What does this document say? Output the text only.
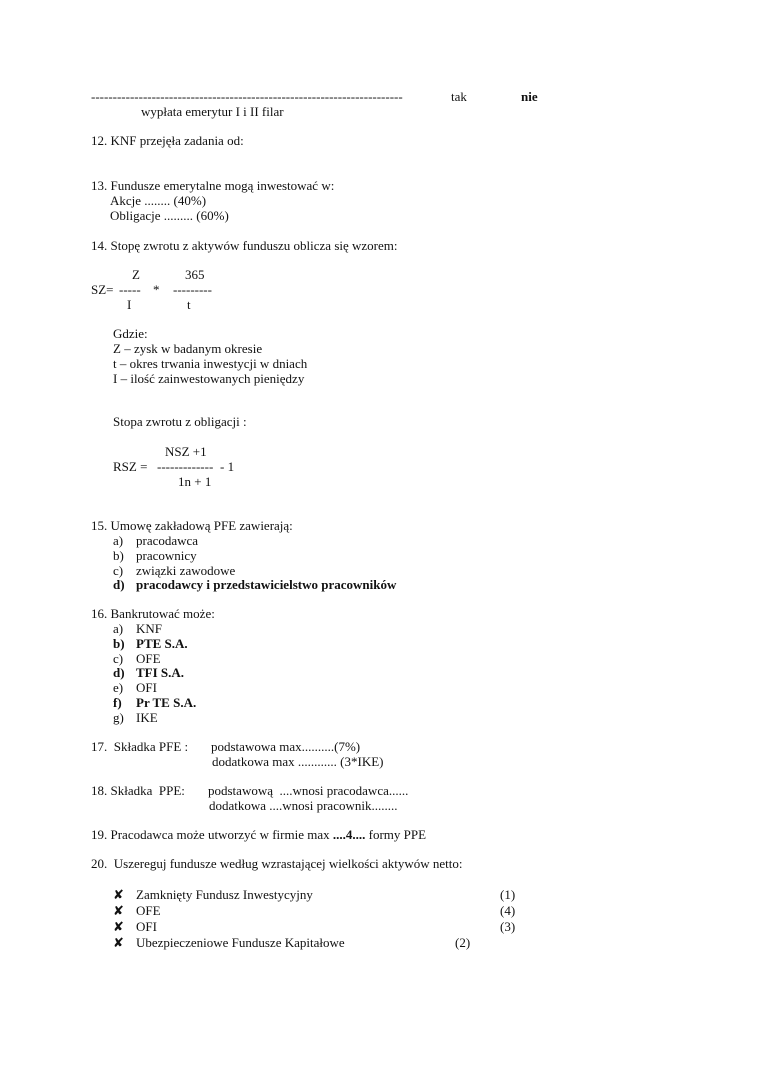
------------------------------------------------------------------------	tak	nie
wypłata emerytur I i II filar
12. KNF przejęła zadania od:
13. Fundusze emerytalne mogą inwestować w:
Akcje ........ (40%)
Obligacje ......... (60%)
14. Stopę zwrotu z aktywów funduszu oblicza się wzorem:
Z	365
SZ= ----- * ---------
I	t
Gdzie:
Z – zysk w badanym okresie
t – okres trwania inwestycji w dniach
I – ilość zainwestowanych pieniędzy
Stopa zwrotu z obligacji :
NSZ +1
RSZ = ------------- - 1
1n + 1
15. Umowę zakładową PFE zawierają:
a) pracodawca
b) pracownicy
c) związki zawodowe
d) pracodawcy i przedstawicielstwo pracowników
16. Bankrutować może:
a) KNF
b) PTE S.A.
c) OFE
d) TFI S.A.
e) OFI
f) Pr TE S.A.
g) IKE
17.  Składka PFE : podstawowa max..........(7%)
dodatkowa max ............ (3*IKE)
18. Składka  PPE: podstawową  ....wnosi pracodawca......
dodatkowa ....wnosi pracownik........
19. Pracodawca może utworzyć w firmie max ....4.... formy PPE
20.  Uszereguj fundusze według wzrastającej wielkości aktywów netto:
✘ Zamknięty Fundusz Inwestycyjny	(1)
✘ OFE	(4)
✘ OFI	(3)
✘ Ubezpieczeniowe Fundusze Kapitałowe	(2)
